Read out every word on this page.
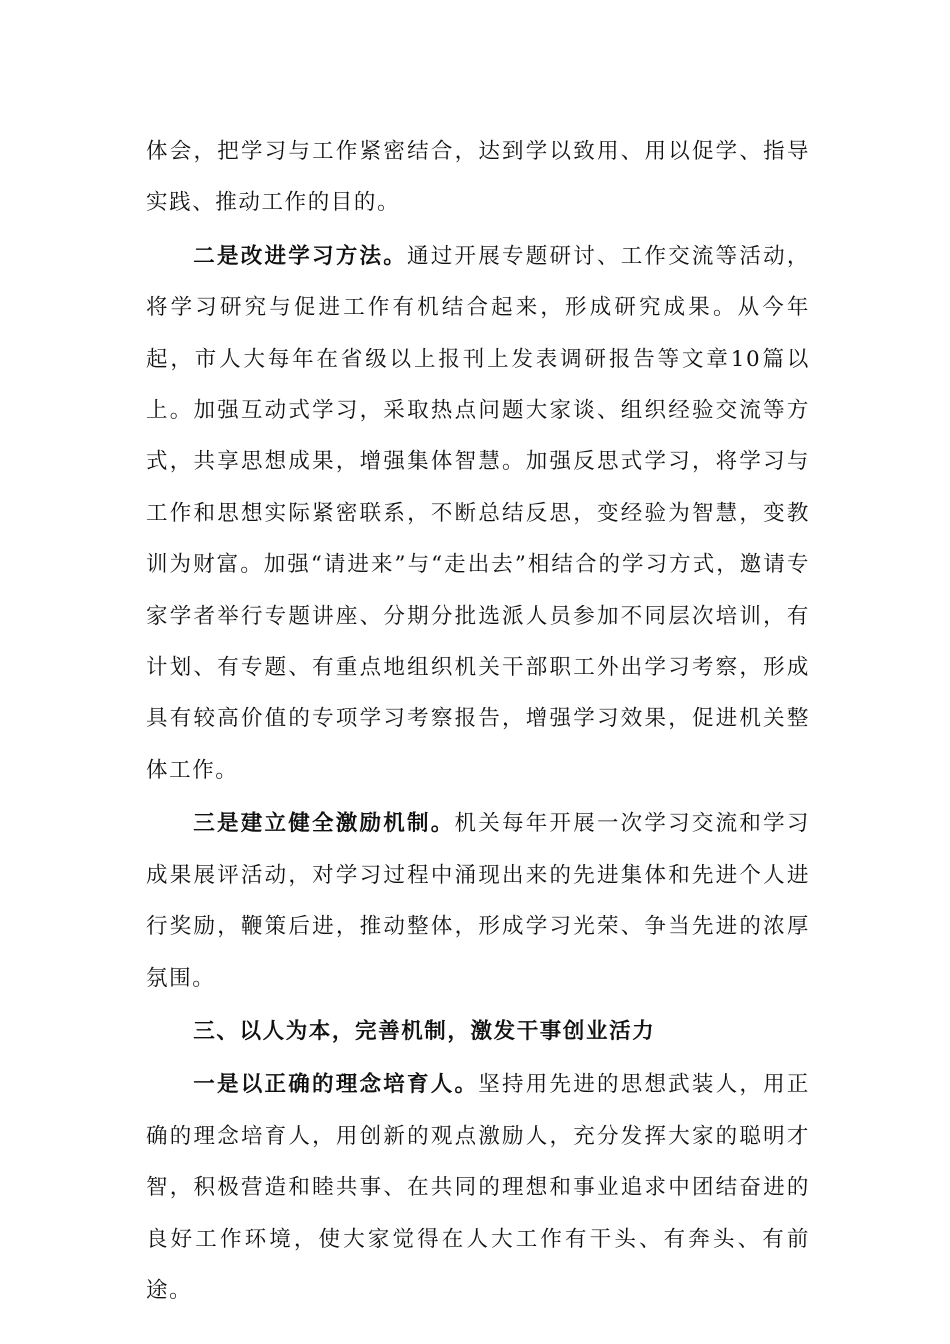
体会，把学习与工作紧密结合，达到学以致用、用以促学、指导实践、推动工作的目的。

二是改进学习方法。通过开展专题研讨、工作交流等活动，将学习研究与促进工作有机结合起来，形成研究成果。从今年起，市人大每年在省级以上报刊上发表调研报告等文章10篇以上。加强互动式学习，采取热点问题大家谈、组织经验交流等方式，共享思想成果，增强集体智慧。加强反思式学习，将学习与工作和思想实际紧密联系，不断总结反思，变经验为智慧，变教训为财富。加强“请进来”与“走出去”相结合的学习方式，邀请专家学者举行专题讲座、分期分批选派人员参加不同层次培训，有计划、有专题、有重点地组织机关干部职工外出学习考察，形成具有较高价值的专项学习考察报告，增强学习效果，促进机关整体工作。

三是建立健全激励机制。机关每年开展一次学习交流和学习成果展评活动，对学习过程中涌现出来的先进集体和先进个人进行奖励，鞭策后进，推动整体，形成学习光荣、争当先进的浓厚氛围。

三、以人为本，完善机制，激发干事创业活力

一是以正确的理念培育人。坚持用先进的思想武装人，用正确的理念培育人，用创新的观点激励人，充分发挥大家的聪明才智，积极营造和睦共事、在共同的理想和事业追求中团结奋进的良好工作环境，使大家觉得在人大工作有干头、有奔头、有前途。
